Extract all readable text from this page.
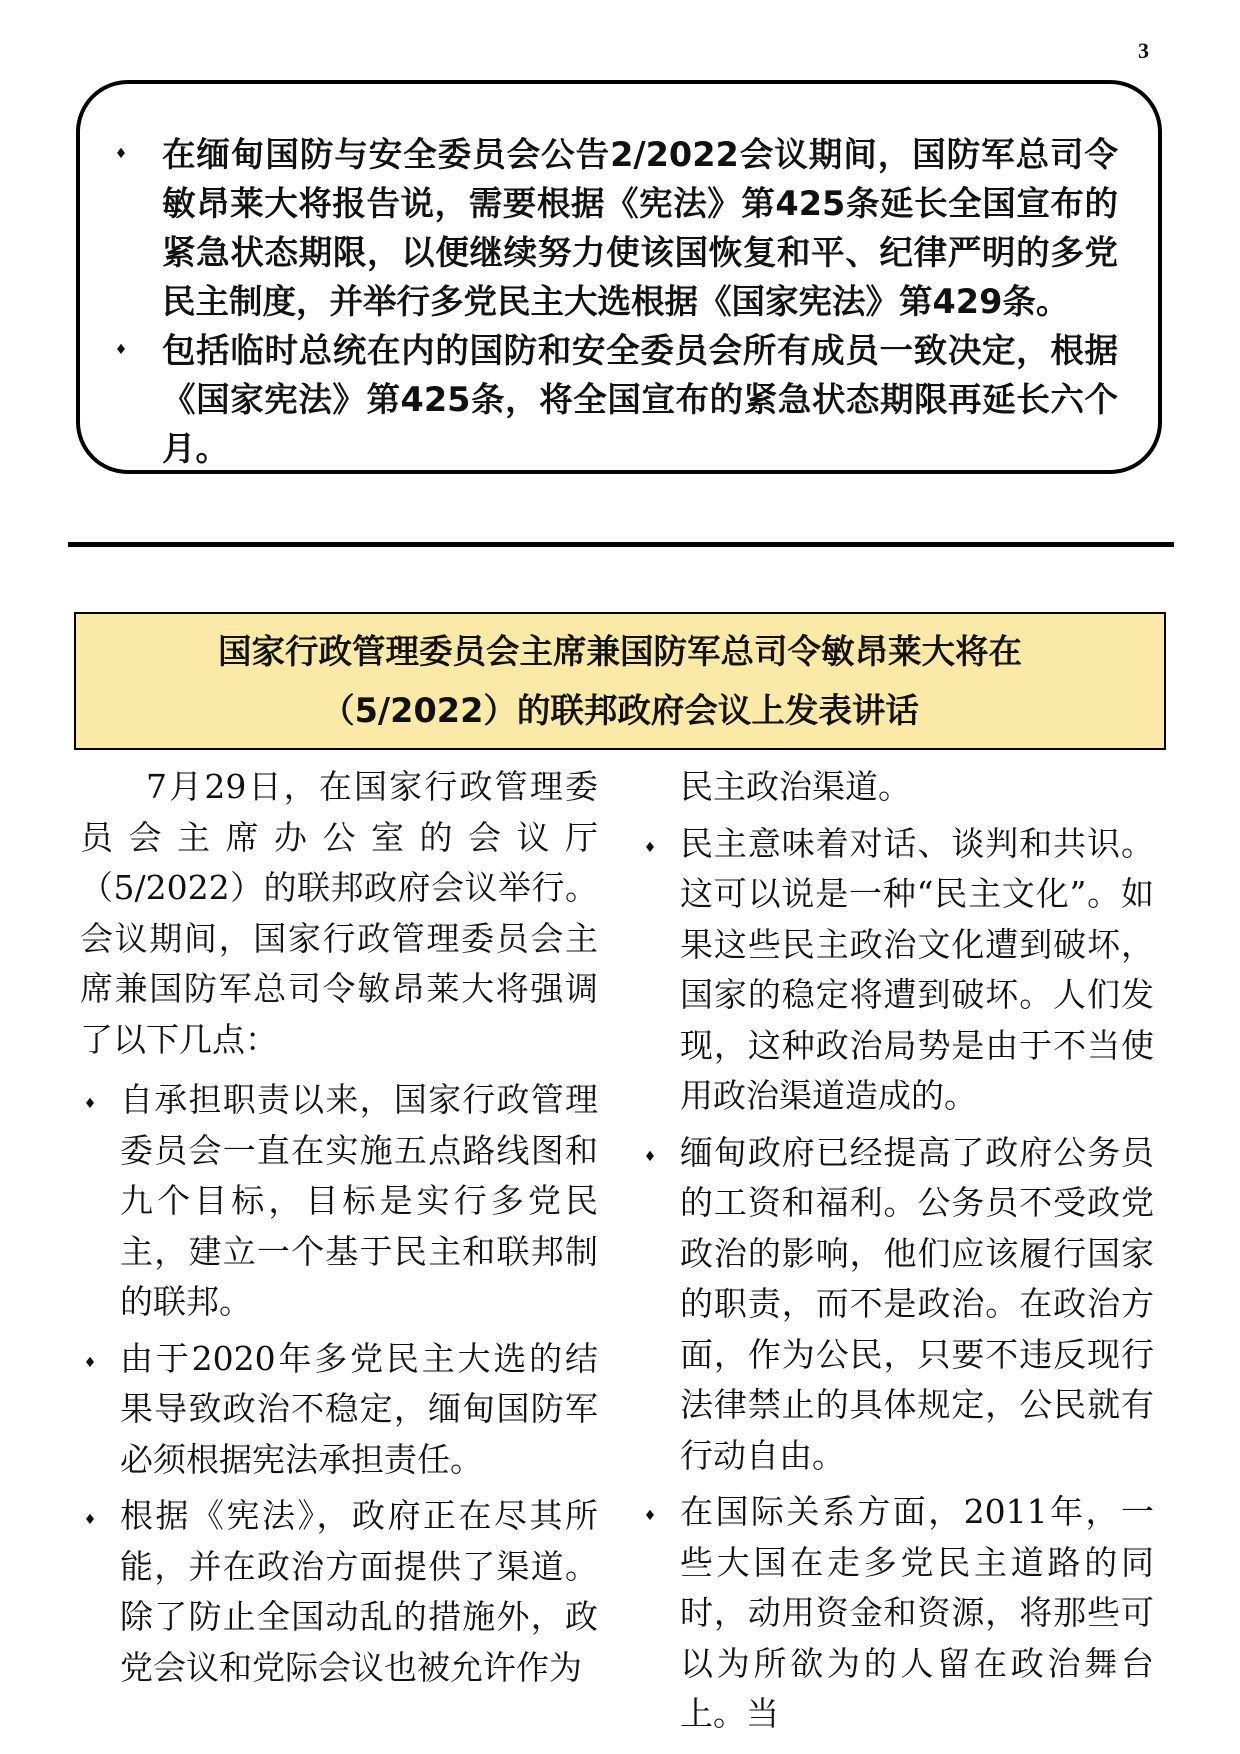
3
♦ 在缅甸国防与安全委员会公告2/2022会议期间，国防军总司令敏昂莱大将报告说，需要根据《宪法》第425条延长全国宣布的紧急状态期限，以便继续努力使该国恢复和平、纪律严明的多党民主制度，并举行多党民主大选根据《国家宪法》第429条。
♦ 包括临时总统在内的国防和安全委员会所有成员一致决定，根据《国家宪法》第425条，将全国宣布的紧急状态期限再延长六个月。
国家行政管理委员会主席兼国防军总司令敏昂莱大将在
（5/2022）的联邦政府会议上发表讲话

7月29日，在国家行政管理委员会主席办公室的会议厅（5/2022）的联邦政府会议举行。会议期间，国家行政管理委员会主席兼国防军总司令敏昂莱大将强调了以下几点：

♦ 自承担职责以来，国家行政管理委员会一直在实施五点路线图和九个目标，目标是实行多党民主，建立一个基于民主和联邦制的联邦。
♦ 由于2020年多党民主大选的结果导致政治不稳定，缅甸国防军必须根据宪法承担责任。
♦ 根据《宪法》，政府正在尽其所能，并在政治方面提供了渠道。除了防止全国动乱的措施外，政党会议和党际会议也被允许作为
民主政治渠道。
♦ 民主意味着对话、谈判和共识。这可以说是一种“民主文化”。如果这些民主政治文化遭到破坏，国家的稳定将遭到破坏。人们发现，这种政治局势是由于不当使用政治渠道造成的。
♦ 缅甸政府已经提高了政府公务员的工资和福利。公务员不受政党政治的影响，他们应该履行国家的职责，而不是政治。在政治方面，作为公民，只要不违反现行法律禁止的具体规定，公民就有行动自由。
♦ 在国际关系方面，2011年，一些大国在走多党民主道路的同时，动用资金和资源，将那些可以为所欲为的人留在政治舞台上。当
